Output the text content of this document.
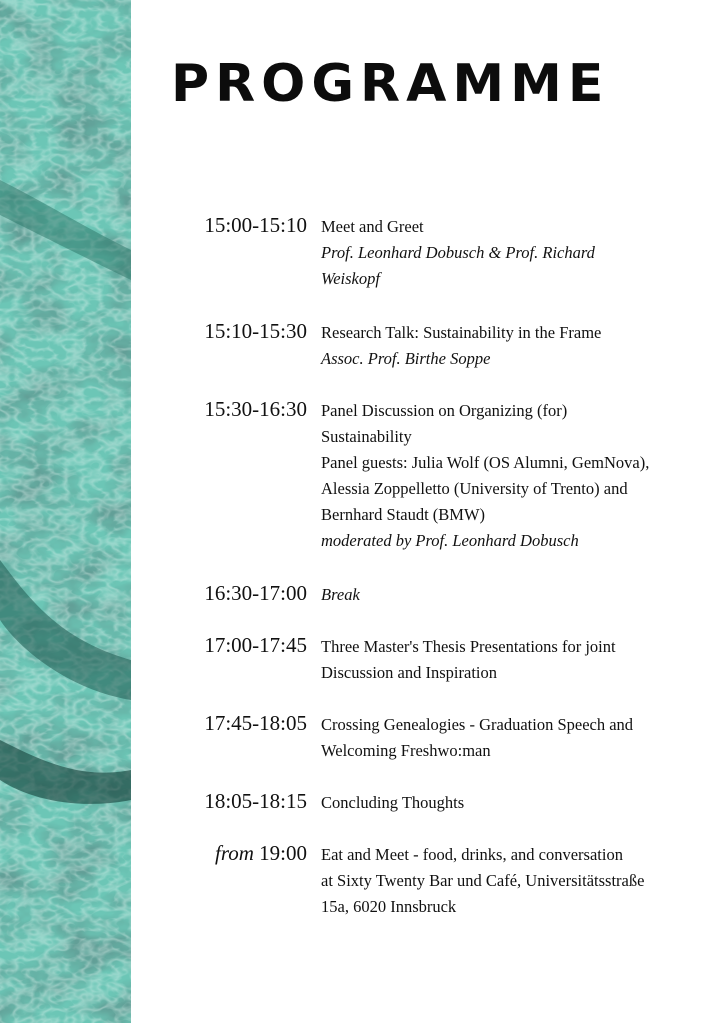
PROGRAMME
15:00-15:10 Meet and Greet
Prof. Leonhard Dobusch & Prof. Richard
Weiskopf
15:10-15:30 Research Talk: Sustainability in the Frame
Assoc. Prof. Birthe Soppe
15:30-16:30 Panel Discussion on Organizing (for)
Sustainability
Panel guests: Julia Wolf (OS Alumni, GemNova),
Alessia Zoppelletto (University of Trento) and
Bernhard Staudt (BMW)
moderated by Prof. Leonhard Dobusch
16:30-17:00 Break
17:00-17:45 Three Master's Thesis Presentations for joint
Discussion and Inspiration
17:45-18:05 Crossing Genealogies - Graduation Speech and
Welcoming Freshwo:man
18:05-18:15 Concluding Thoughts
from 19:00 Eat and Meet - food, drinks, and conversation
at Sixty Twenty Bar und Café, Universitätsstraße
15a, 6020 Innsbruck
